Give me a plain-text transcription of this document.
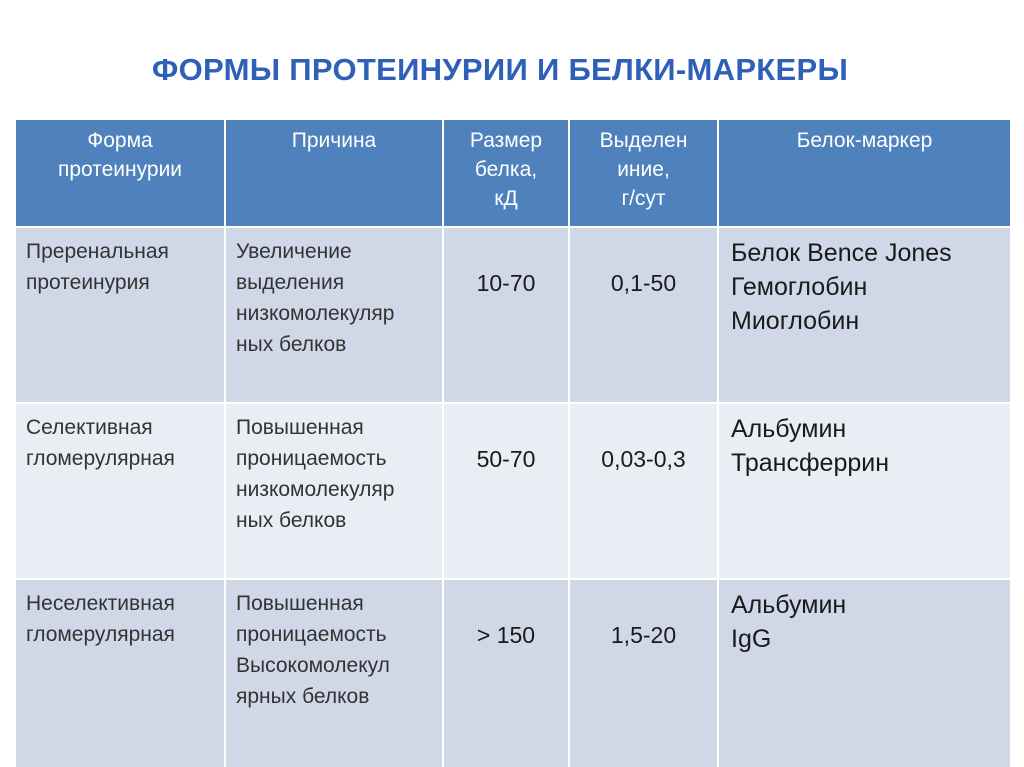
ФОРМЫ ПРОТЕИНУРИИ И БЕЛКИ-МАРКЕРЫ
Форма
протеинурии	Причина	Размер
белка,
кД	Выделен
иние,
г/сут	Белок-маркер

Преренальная
протеинурия	Увеличение
выделения
низкомолекуляр
ных белков	10-70	0,1-50	Белок Bence Jones
Гемоглобин
Миоглобин

Селективная
гломерулярная	Повышенная
проницаемость
низкомолекуляр
ных белков	50-70	0,03-0,3	Альбумин
Трансферрин

Неселективная
гломерулярная	Повышенная
проницаемость
Высокомолекул
ярных белков	> 150	1,5-20	Альбумин
IgG
